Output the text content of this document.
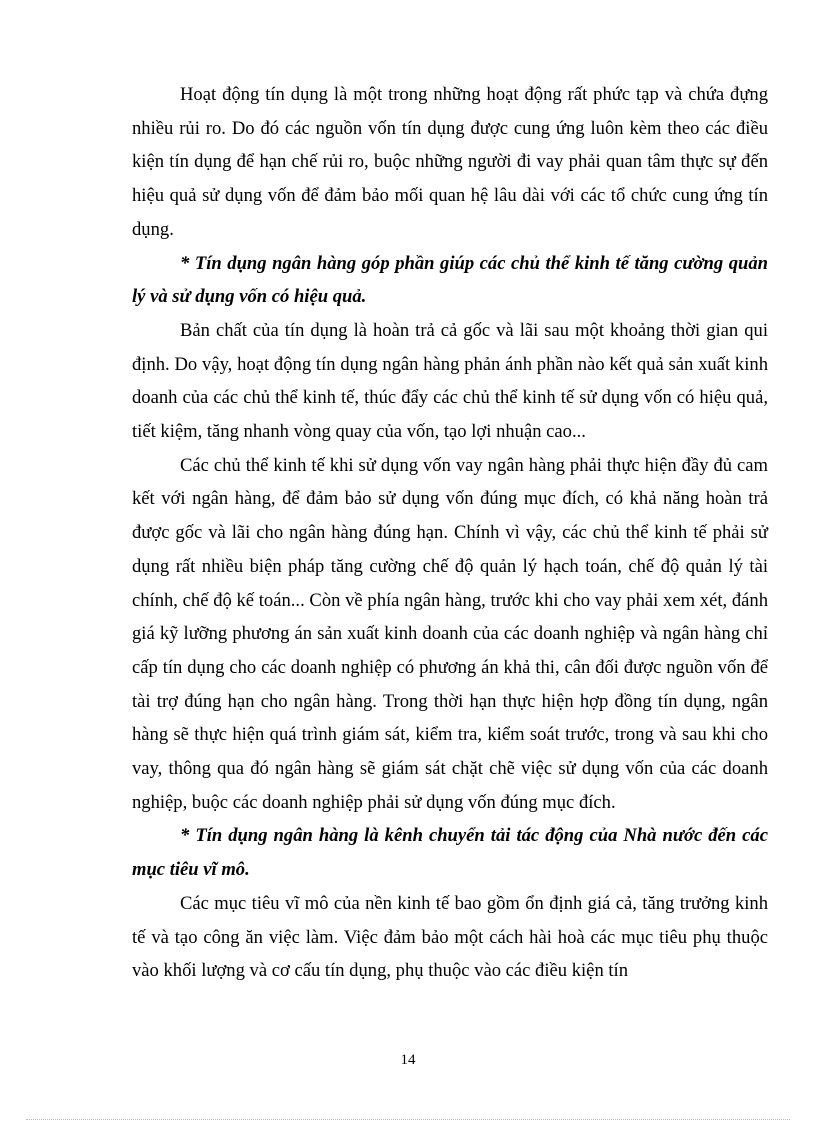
Hoạt động tín dụng là một trong những hoạt động rất phức tạp và chứa đựng nhiều rủi ro. Do đó các nguồn vốn tín dụng được cung ứng luôn kèm theo các điều kiện tín dụng để hạn chế rủi ro, buộc những người đi vay phải quan tâm thực sự đến hiệu quả sử dụng vốn để đảm bảo mối quan hệ lâu dài với các tổ chức cung ứng tín dụng.

* Tín dụng ngân hàng góp phần giúp các chủ thể kinh tế tăng cường quản lý và sử dụng vốn có hiệu quả.

Bản chất của tín dụng là hoàn trả cả gốc và lãi sau một khoảng thời gian qui định. Do vậy, hoạt động tín dụng ngân hàng phản ánh phần nào kết quả sản xuất kinh doanh của các chủ thể kinh tế, thúc đẩy các chủ thể kinh tế sử dụng vốn có hiệu quả, tiết kiệm, tăng nhanh vòng quay của vốn, tạo lợi nhuận cao...

Các chủ thể kinh tế khi sử dụng vốn vay ngân hàng phải thực hiện đầy đủ cam kết với ngân hàng, để đảm bảo sử dụng vốn đúng mục đích, có khả năng hoàn trả được gốc và lãi cho ngân hàng đúng hạn. Chính vì vậy, các chủ thể kinh tế phải sử dụng rất nhiều biện pháp tăng cường chế độ quản lý hạch toán, chế độ quản lý tài chính, chế độ kế toán... Còn về phía ngân hàng, trước khi cho vay phải xem xét, đánh giá kỹ lưỡng phương án sản xuất kinh doanh của các doanh nghiệp và ngân hàng chỉ cấp tín dụng cho các doanh nghiệp có phương án khả thi, cân đối được nguồn vốn để tài trợ đúng hạn cho ngân hàng. Trong thời hạn thực hiện hợp đồng tín dụng, ngân hàng sẽ thực hiện quá trình giám sát, kiểm tra, kiểm soát trước, trong và sau khi cho vay, thông qua đó ngân hàng sẽ giám sát chặt chẽ việc sử dụng vốn của các doanh nghiệp, buộc các doanh nghiệp phải sử dụng vốn đúng mục đích.

* Tín dụng ngân hàng là kênh chuyển tải tác động của Nhà nước đến các mục tiêu vĩ mô.

Các mục tiêu vĩ mô của nền kinh tế bao gồm ổn định giá cả, tăng trưởng kinh tế và tạo công ăn việc làm. Việc đảm bảo một cách hài hoà các mục tiêu phụ thuộc vào khối lượng và cơ cấu tín dụng, phụ thuộc vào các điều kiện tín

14
